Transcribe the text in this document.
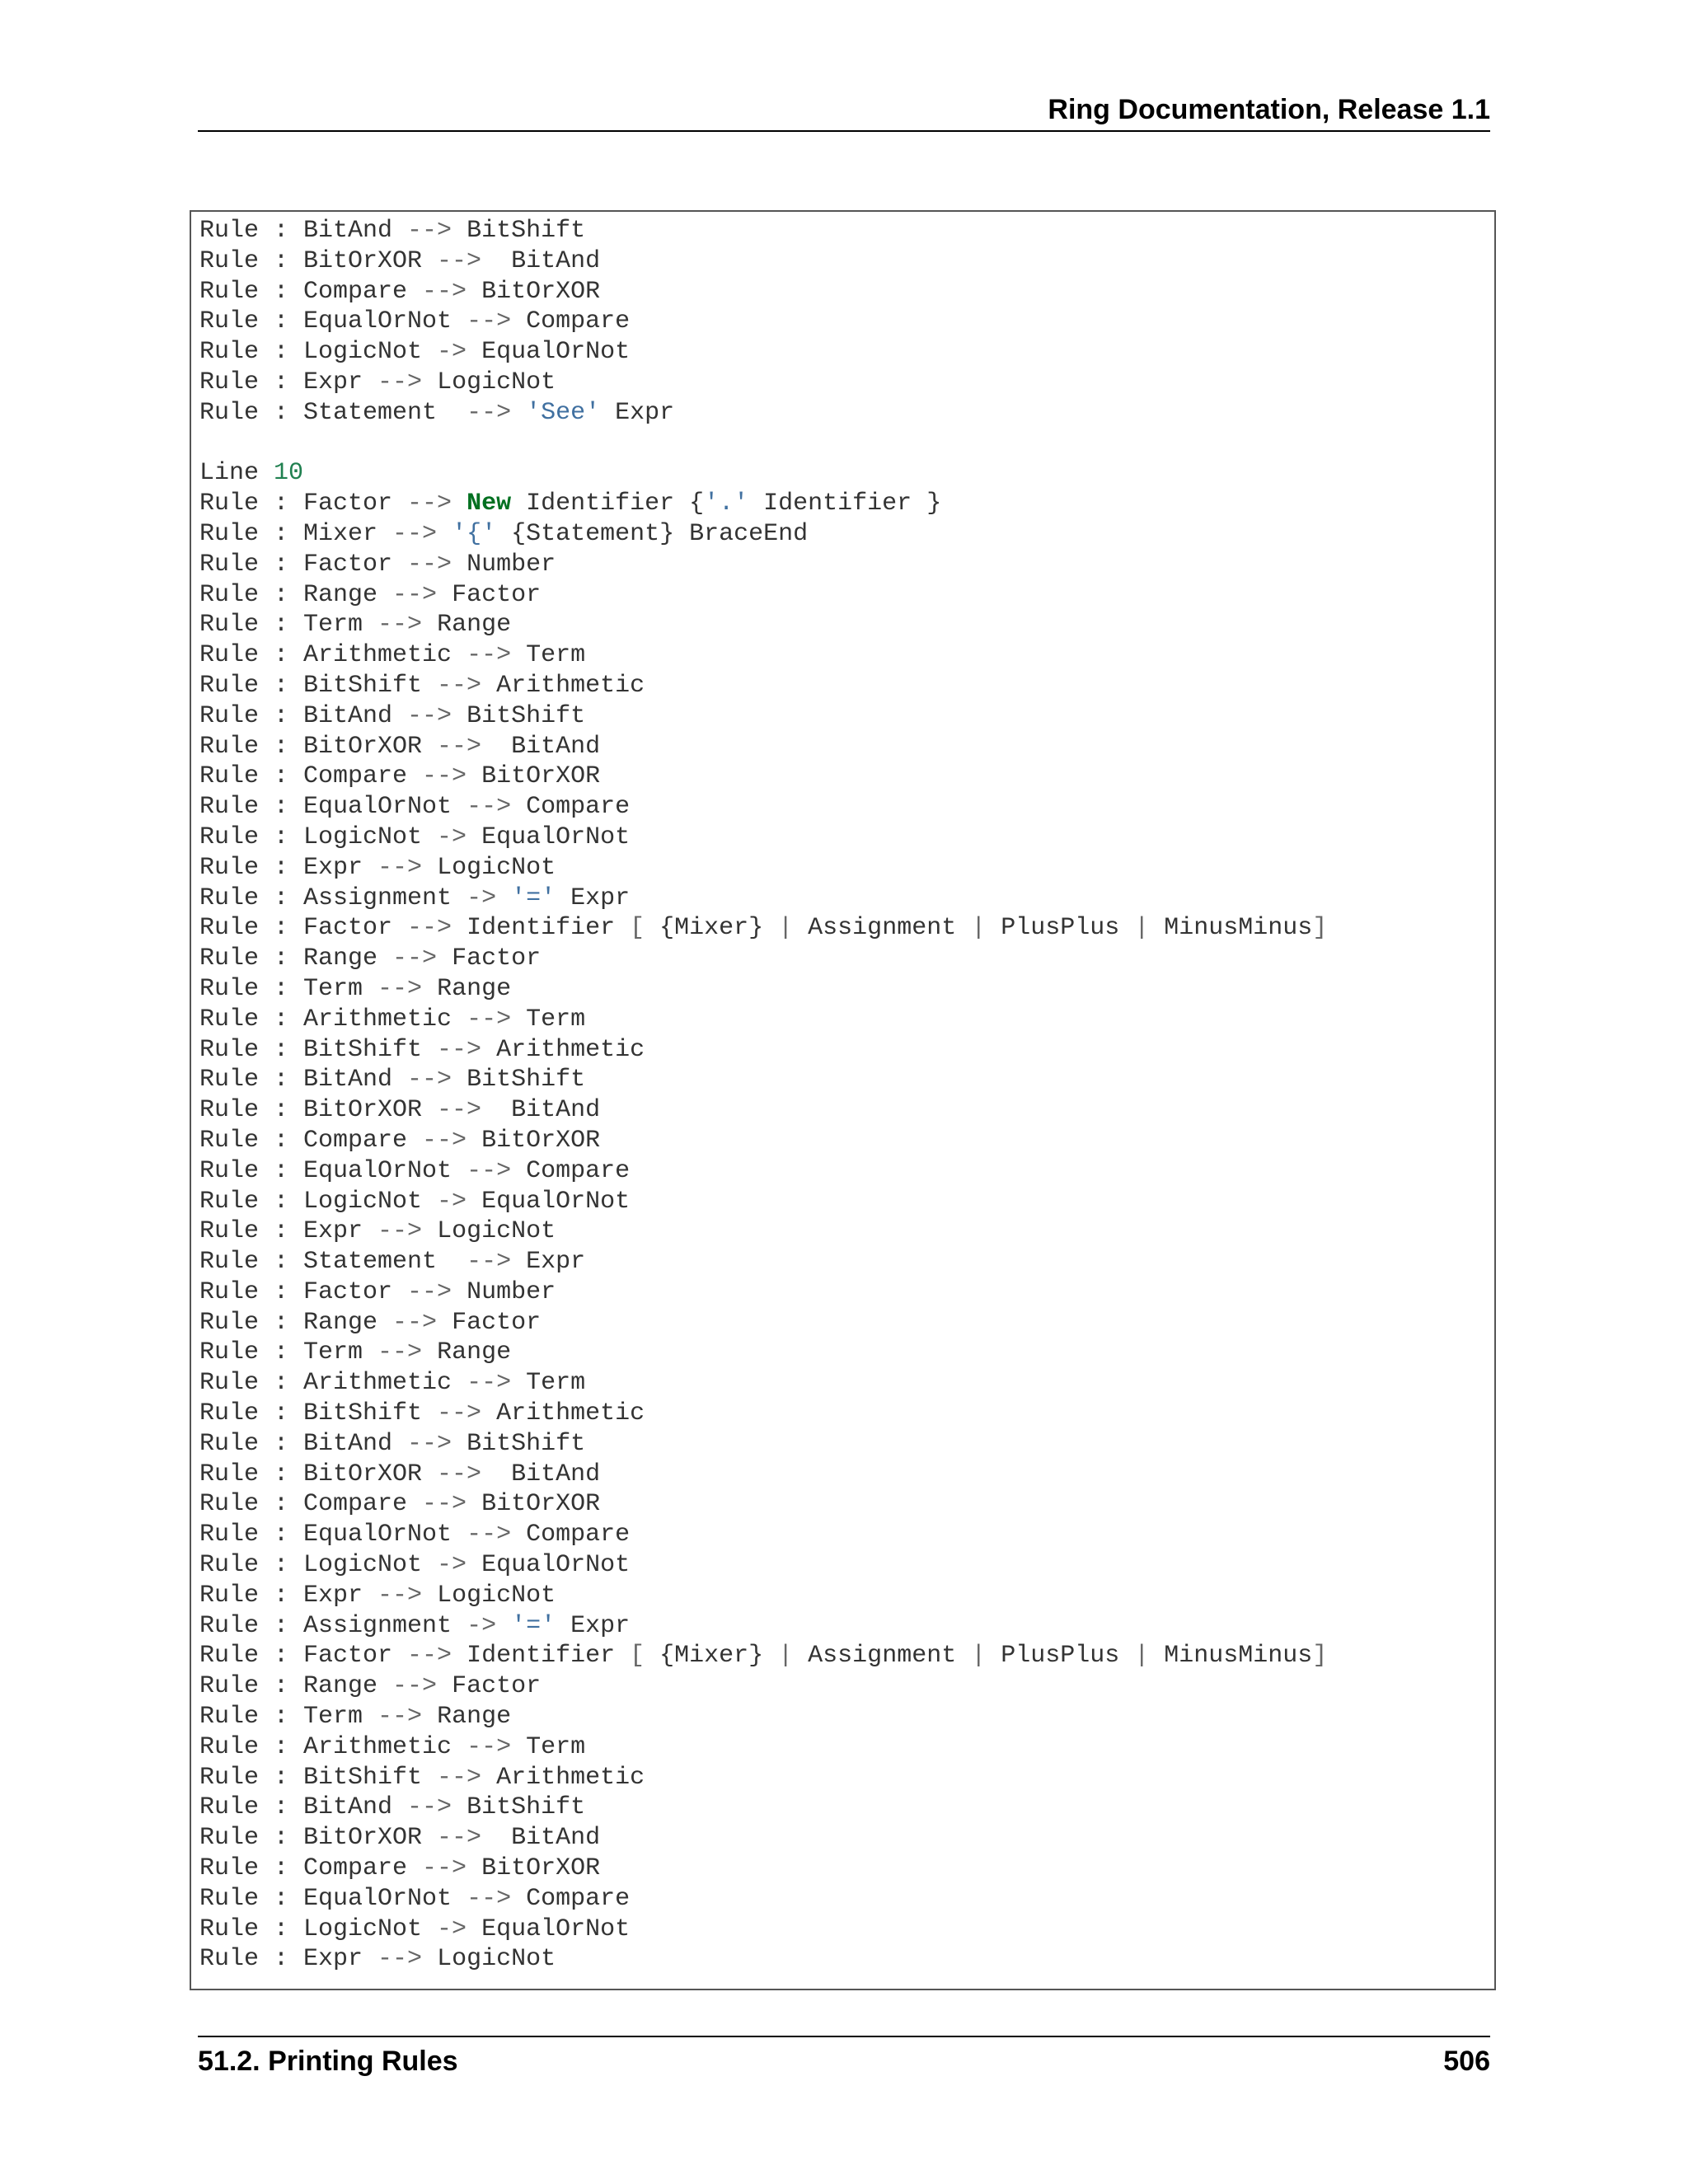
Ring Documentation, Release 1.1
Rule : BitAnd --> BitShift
Rule : BitOrXOR -->  BitAnd
Rule : Compare --> BitOrXOR
Rule : EqualOrNot --> Compare
Rule : LogicNot -> EqualOrNot
Rule : Expr --> LogicNot
Rule : Statement  --> 'See' Expr
Line 10
Rule : Factor --> New Identifier {'.' Identifier }
Rule : Mixer --> '{' {Statement} BraceEnd
Rule : Factor --> Number
Rule : Range --> Factor
Rule : Term --> Range
Rule : Arithmetic --> Term
Rule : BitShift --> Arithmetic
Rule : BitAnd --> BitShift
Rule : BitOrXOR -->  BitAnd
Rule : Compare --> BitOrXOR
Rule : EqualOrNot --> Compare
Rule : LogicNot -> EqualOrNot
Rule : Expr --> LogicNot
Rule : Assignment -> '=' Expr
Rule : Factor --> Identifier [ {Mixer} | Assignment | PlusPlus | MinusMinus]
Rule : Range --> Factor
Rule : Term --> Range
Rule : Arithmetic --> Term
Rule : BitShift --> Arithmetic
Rule : BitAnd --> BitShift
Rule : BitOrXOR -->  BitAnd
Rule : Compare --> BitOrXOR
Rule : EqualOrNot --> Compare
Rule : LogicNot -> EqualOrNot
Rule : Expr --> LogicNot
Rule : Statement  --> Expr
Rule : Factor --> Number
Rule : Range --> Factor
Rule : Term --> Range
Rule : Arithmetic --> Term
Rule : BitShift --> Arithmetic
Rule : BitAnd --> BitShift
Rule : BitOrXOR -->  BitAnd
Rule : Compare --> BitOrXOR
Rule : EqualOrNot --> Compare
Rule : LogicNot -> EqualOrNot
Rule : Expr --> LogicNot
Rule : Assignment -> '=' Expr
Rule : Factor --> Identifier [ {Mixer} | Assignment | PlusPlus | MinusMinus]
Rule : Range --> Factor
Rule : Term --> Range
Rule : Arithmetic --> Term
Rule : BitShift --> Arithmetic
Rule : BitAnd --> BitShift
Rule : BitOrXOR -->  BitAnd
Rule : Compare --> BitOrXOR
Rule : EqualOrNot --> Compare
Rule : LogicNot -> EqualOrNot
Rule : Expr --> LogicNot
51.2. Printing Rules	506
